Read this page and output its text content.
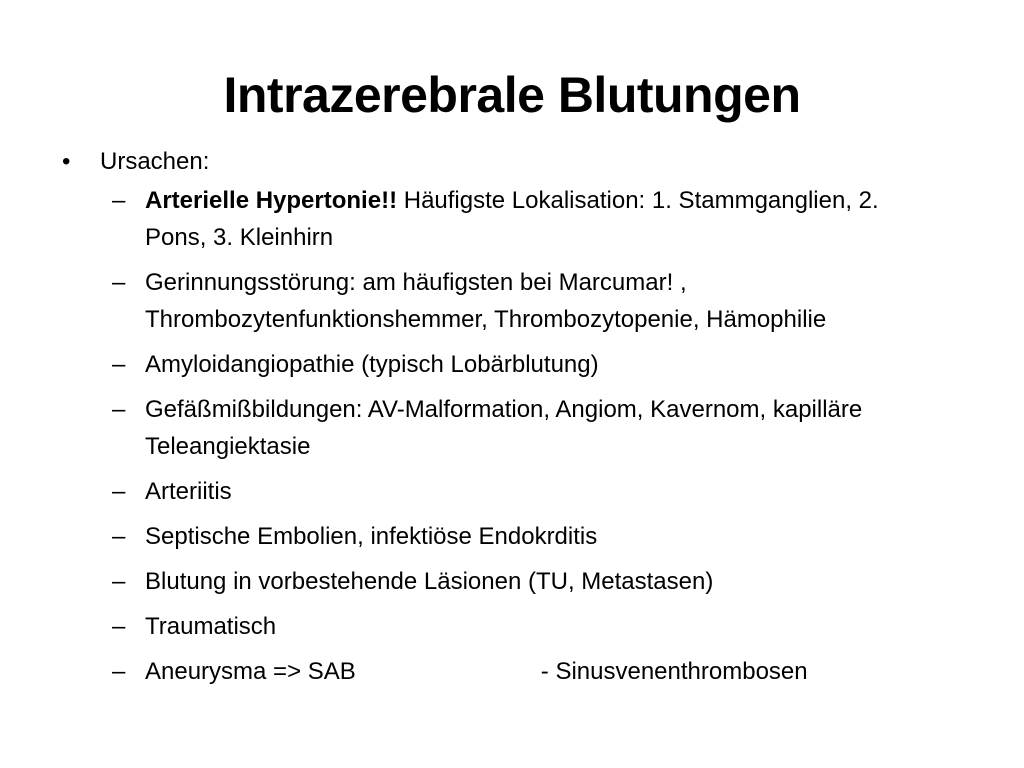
Intrazerebrale Blutungen
• Ursachen:
– Arterielle Hypertonie!! Häufigste Lokalisation: 1. Stammganglien, 2. Pons, 3. Kleinhirn
– Gerinnungsstörung: am häufigsten bei Marcumar! , Thrombozytenfunktionshemmer, Thrombozytopenie, Hämophilie
– Amyloidangiopathie (typisch Lobärblutung)
– Gefäßmißbildungen: AV-Malformation, Angiom, Kavernom, kapilläre Teleangiektasie
– Arteriitis
– Septische Embolien, infektiöse Endokrditis
– Blutung in vorbestehende Läsionen (TU, Metastasen)
– Traumatisch
– Aneurysma => SAB	- Sinusvenenthrombosen
